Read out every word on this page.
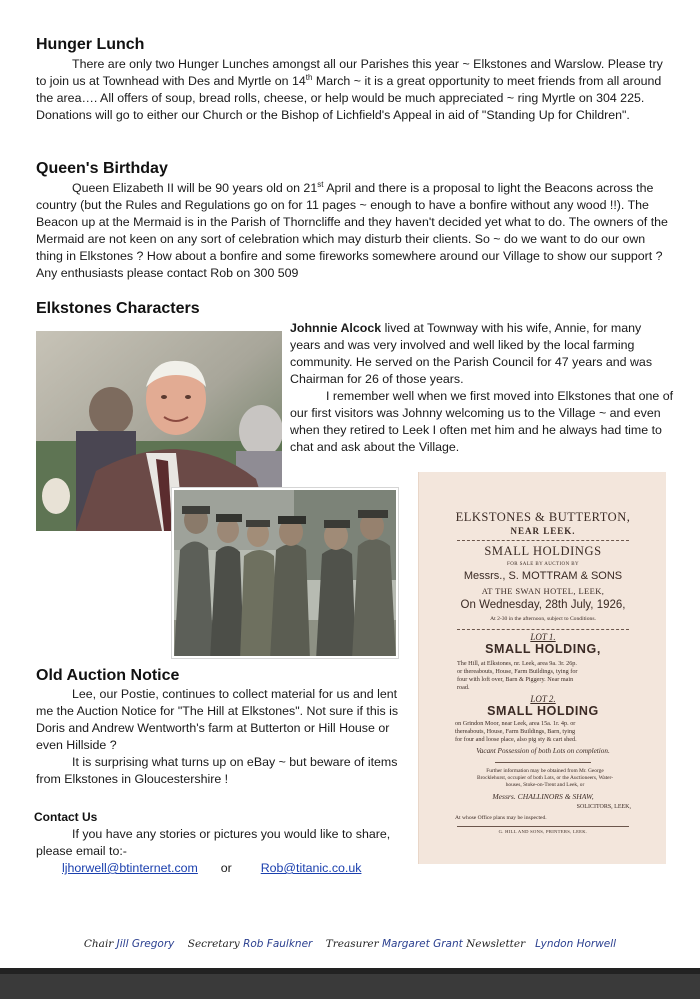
Hunger Lunch

There are only two Hunger Lunches amongst all our Parishes this year ~ Elkstones and Warslow. Please try to join us at Townhead with Des and Myrtle on 14th March ~ it is a great opportunity to meet friends from all around the area…. All offers of soup, bread rolls, cheese, or help would be much appreciated ~ ring Myrtle on 304 225. Donations will go to either our Church or the Bishop of Lichfield's Appeal in aid of "Standing Up for Children".

Queen's Birthday

Queen Elizabeth II will be 90 years old on 21st April and there is a proposal to light the Beacons across the country (but the Rules and Regulations go on for 11 pages ~ enough to have a bonfire without any wood !!). The Beacon up at the Mermaid is in the Parish of Thorncliffe and they haven't decided yet what to do. The owners of the Mermaid are not keen on any sort of celebration which may disturb their clients. So ~ do we want to do our own thing in Elkstones ? How about a bonfire and some fireworks somewhere around our Village to show our support ? Any enthusiasts please contact Rob on 300 509

Elkstones Characters

Johnnie Alcock lived at Townway with his wife, Annie, for many years and was very involved and well liked by the local farming community. He served on the Parish Council for 47 years and was Chairman for 26 of those years.

I remember well when we first moved into Elkstones that one of our first visitors was Johnny welcoming us to the Village ~ and even when they retired to Leek I often met him and he always had time to chat and ask about the Village.

ELKSTONES & BUTTERTON,
NEAR LEEK.
SMALL HOLDINGS
FOR SALE BY AUCTION BY
Messrs., S. MOTTRAM & SONS
AT THE SWAN HOTEL, LEEK,
On Wednesday, 28th July, 1926,
At 2-30 in the afternoon, subject to Conditions.
LOT 1.
SMALL HOLDING,
The Hill, at Elkstones, nr. Leek, area 9a. 3r. 26p.
or thereabouts, House, Farm Buildings, tying for
four with loft over, Barn & Piggery. Near main
road.
LOT 2.
SMALL HOLDING
on Grindon Moor, near Leek, area 15a. 1r. 4p. or
thereabouts, House, Farm Buildings, Barn, tying
for four and loose place, also pig sty & cart shed.
Vacant Possession of both Lots on completion.
Further information may be obtained from Mr. George
Brocklehurst, occupier of both Lots, or the Auctioneers, Water-
houses, Stoke-on-Trent and Leek, or
Messrs. CHALLINORS & SHAW,
SOLICITORS, LEEK,
At whose Office plans may be inspected.
G. HILL AND SONS, PRINTERS, LEEK.
Old Auction Notice

Lee, our Postie, continues to collect material for us and lent me the Auction Notice for "The Hill at Elkstones". Not sure if this is Doris and Andrew Wentworth's farm at Butterton or Hill House or even Hillside ?

It is surprising what turns up on eBay ~ but beware of items from Elkstones in Gloucestershire !

Contact Us

If you have any stories or pictures you would like to share, please email to:-

ljhorwell@btinternet.com or Rob@titanic.co.uk
Chair Jill Gregory Secretary Rob Faulkner Treasurer Margaret Grant Newsletter Lyndon Horwell
